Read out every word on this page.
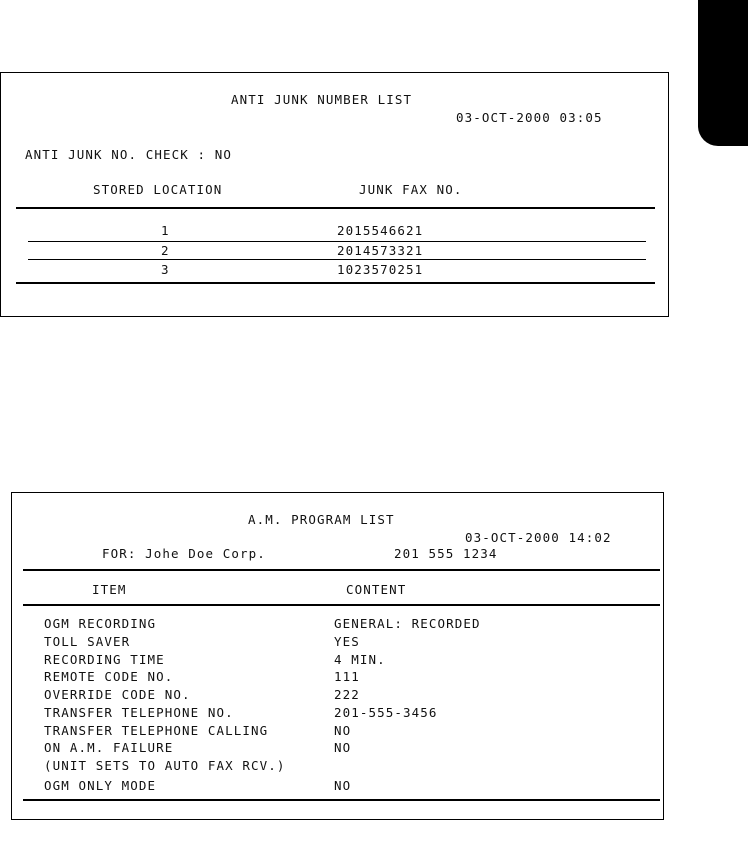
ANTI JUNK NUMBER LIST
03-OCT-2000 03:05
ANTI JUNK NO. CHECK : NO
STORED LOCATION	JUNK FAX NO.
1	2015546621
2	2014573321
3	1023570251
A.M. PROGRAM LIST
03-OCT-2000 14:02
FOR: Johe Doe Corp.	201 555 1234
ITEM	CONTENT
OGM RECORDING	GENERAL: RECORDED
TOLL SAVER	YES
RECORDING TIME	4 MIN.
REMOTE CODE NO.	111
OVERRIDE CODE NO.	222
TRANSFER TELEPHONE NO.	201-555-3456
TRANSFER TELEPHONE CALLING	NO
ON A.M. FAILURE	NO
(UNIT SETS TO AUTO FAX RCV.)
OGM ONLY MODE	NO
